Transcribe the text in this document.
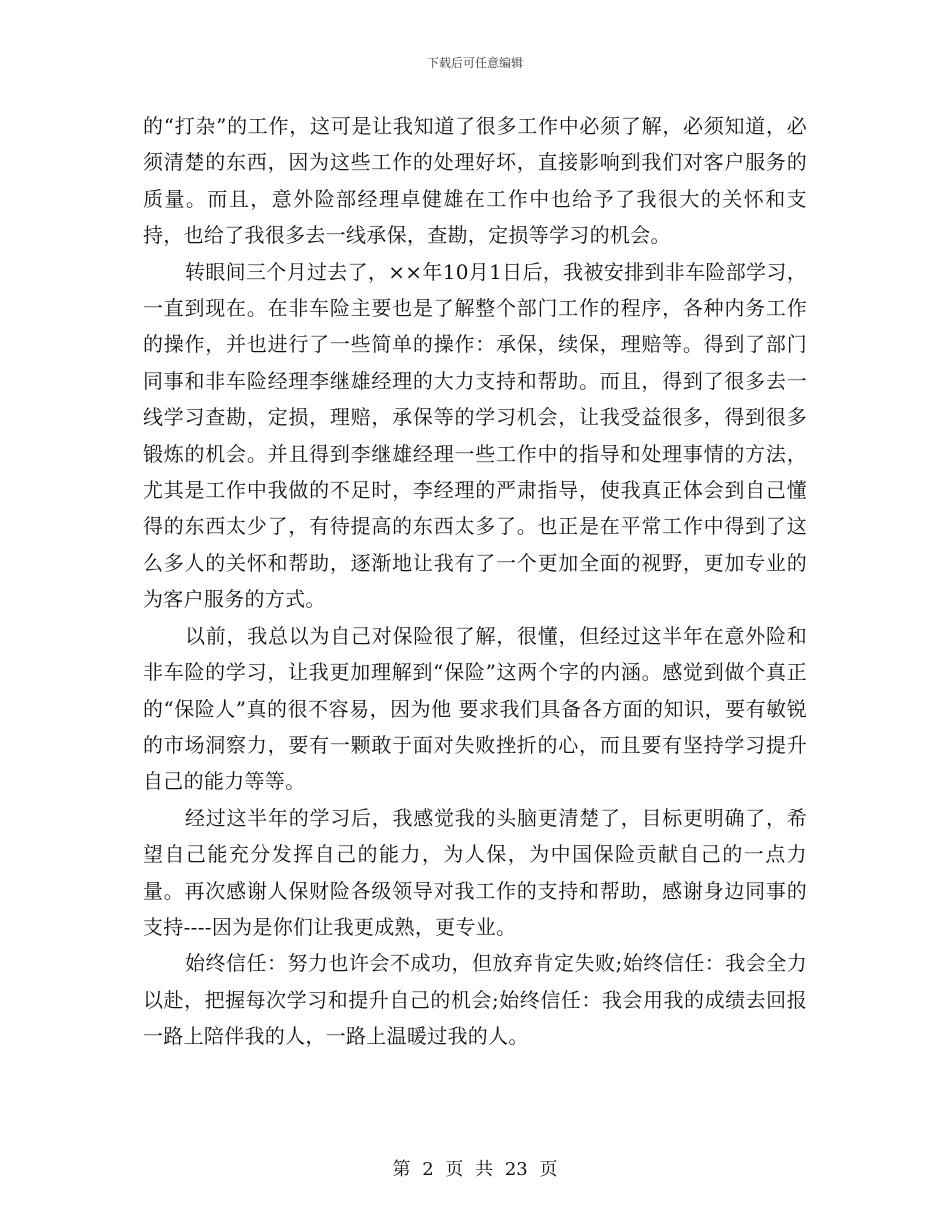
下载后可任意编辑

的“打杂”的工作，这可是让我知道了很多工作中必须了解，必须知道，必须清楚的东西，因为这些工作的处理好坏，直接影响到我们对客户服务的质量。而且，意外险部经理卓健雄在工作中也给予了我很大的关怀和支持，也给了我很多去一线承保，查勘，定损等学习的机会。

转眼间三个月过去了，××年10月1日后，我被安排到非车险部学习，一直到现在。在非车险主要也是了解整个部门工作的程序，各种内务工作的操作，并也进行了一些简单的操作：承保，续保，理赔等。得到了部门同事和非车险经理李继雄经理的大力支持和帮助。而且，得到了很多去一线学习查勘，定损，理赔，承保等的学习机会，让我受益很多，得到很多锻炼的机会。并且得到李继雄经理一些工作中的指导和处理事情的方法，尤其是工作中我做的不足时，李经理的严肃指导，使我真正体会到自己懂得的东西太少了，有待提高的东西太多了。也正是在平常工作中得到了这么多人的关怀和帮助，逐渐地让我有了一个更加全面的视野，更加专业的为客户服务的方式。

以前，我总以为自己对保险很了解，很懂，但经过这半年在意外险和非车险的学习，让我更加理解到“保险”这两个字的内涵。感觉到做个真正的“保险人”真的很不容易，因为他 要求我们具备各方面的知识，要有敏锐的市场洞察力，要有一颗敢于面对失败挫折的心，而且要有坚持学习提升自己的能力等等。

经过这半年的学习后，我感觉我的头脑更清楚了，目标更明确了，希望自己能充分发挥自己的能力，为人保，为中国保险贡献自己的一点力量。再次感谢人保财险各级领导对我工作的支持和帮助，感谢身边同事的支持----因为是你们让我更成熟，更专业。

始终信任：努力也许会不成功，但放弃肯定失败;始终信任：我会全力以赴，把握每次学习和提升自己的机会;始终信任：我会用我的成绩去回报一路上陪伴我的人，一路上温暖过我的人。

第 2 页 共 23 页
